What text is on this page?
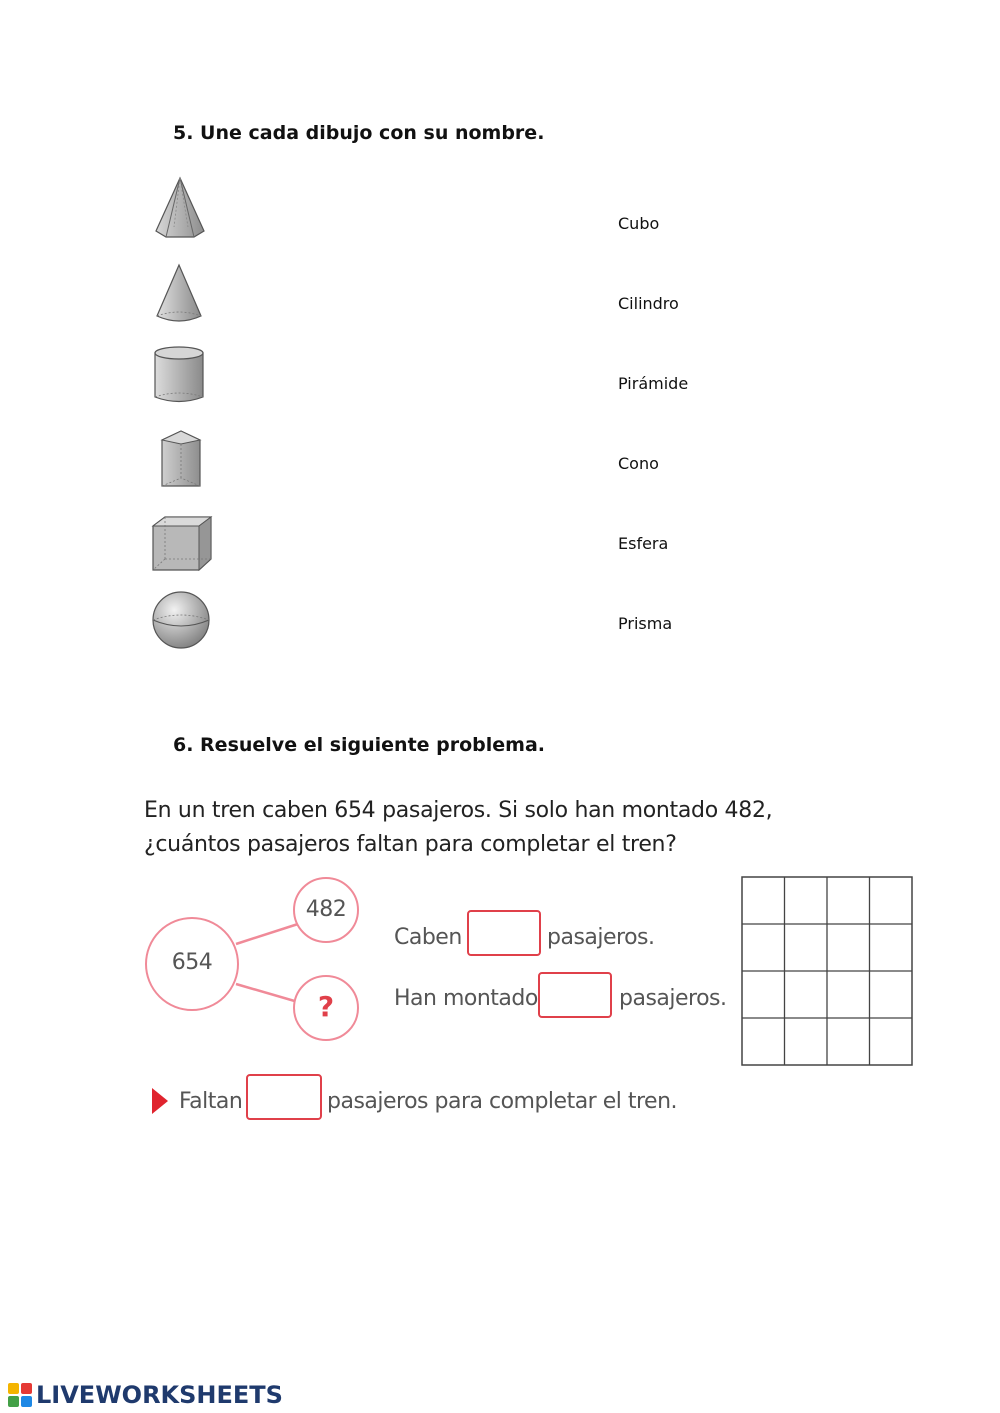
5. Une cada dibujo con su nombre.
Cubo
Cilindro
Pirámide
Cono
Esfera
Prisma
6. Resuelve el siguiente problema.
En un tren caben 654 pasajeros. Si solo han montado 482,
¿cuántos pasajeros faltan para completar el tren?
654
482
?
Caben	pasajeros.
Han montado	pasajeros.
Faltan	pasajeros para completar el tren.
LIVEWORKSHEETS
